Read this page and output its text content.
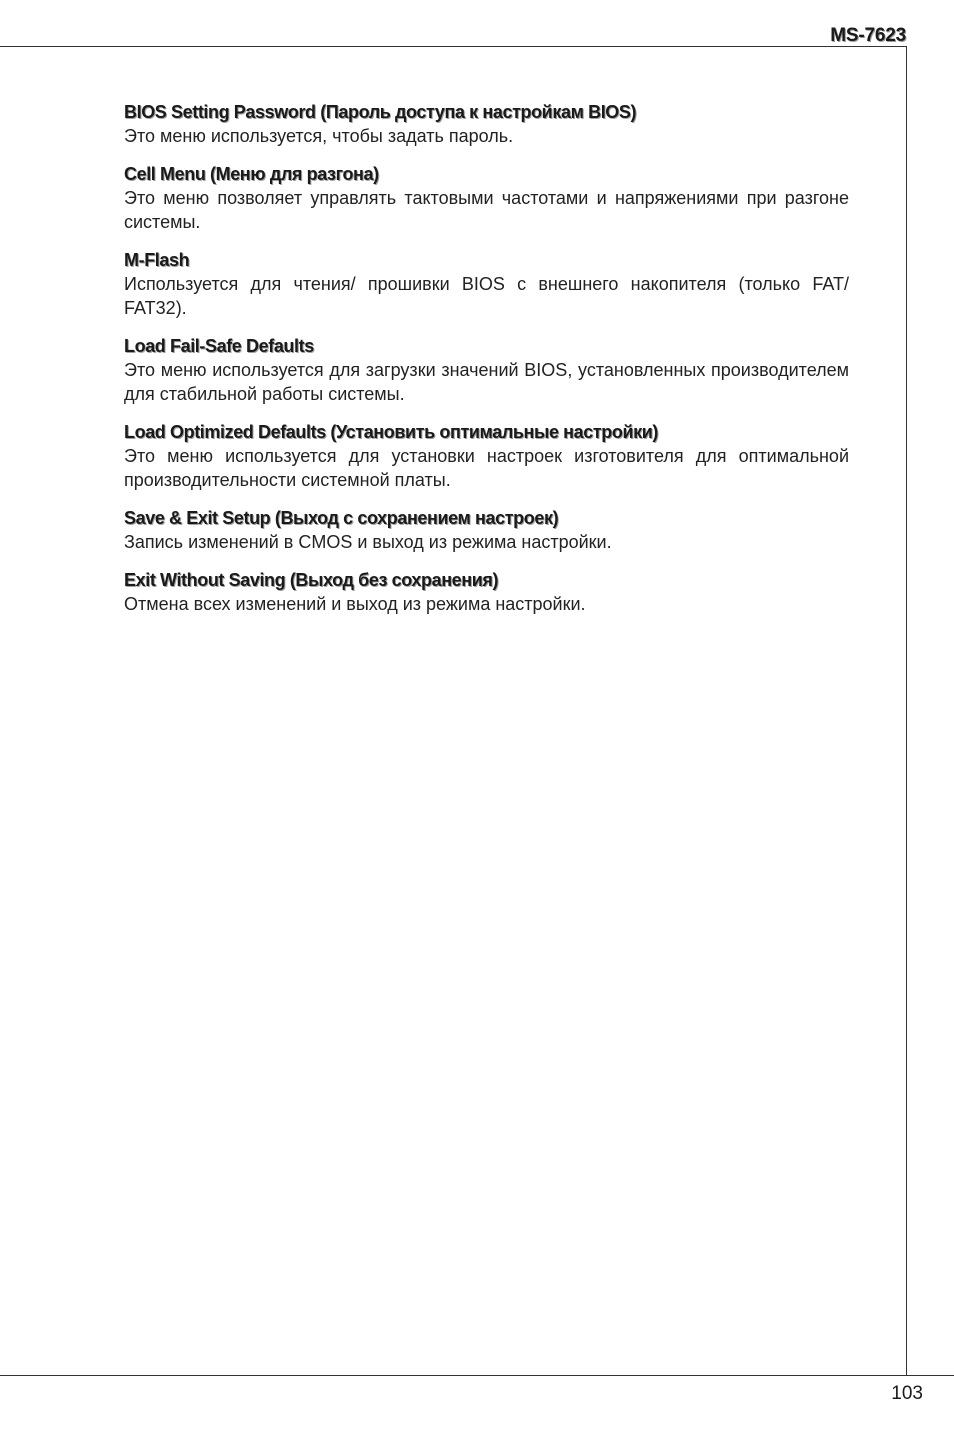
MS-7623
BIOS Setting Password (Пароль доступа к настройкам BIOS)
Это меню используется, чтобы задать пароль.
Cell Menu (Меню для разгона)
Это меню позволяет управлять тактовыми частотами и напряжениями при разгоне системы.
M-Flash
Используется для чтения/ прошивки BIOS с внешнего накопителя (только FAT/ FAT32).
Load Fail-Safe Defaults
Это меню используется для загрузки значений BIOS, установленных производителем для стабильной работы системы.
Load Optimized Defaults (Установить оптимальные настройки)
Это меню используется для установки настроек изготовителя для оптимальной производительности системной платы.
Save & Exit Setup (Выход с сохранением настроек)
Запись изменений в CMOS и выход из режима настройки.
Exit Without Saving (Выход без сохранения)
Отмена всех изменений и выход из режима настройки.
103
